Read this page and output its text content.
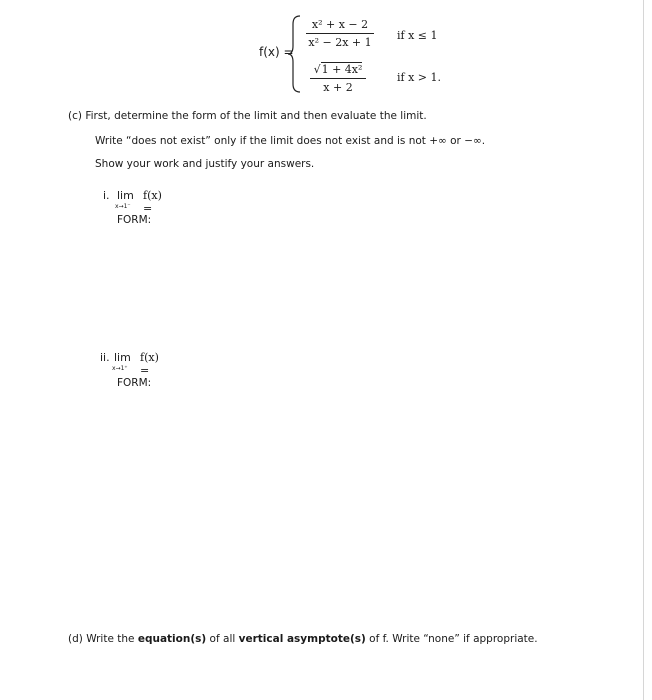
f(x) =
x² + x − 2
x² − 2x + 1
if x ≤ 1
√1 + 4x²
x + 2
if x > 1.
(c) First, determine the form of the limit and then evaluate the limit.
Write “does not exist” only if the limit does not exist and is not +∞ or −∞.
Show your work and justify your answers.
i. lim
x→1⁻
f(x) =
FORM:
ii. lim
x→1⁺
f(x) =
FORM:
(d) Write the equation(s) of all vertical asymptote(s) of f. Write “none” if appropriate.
